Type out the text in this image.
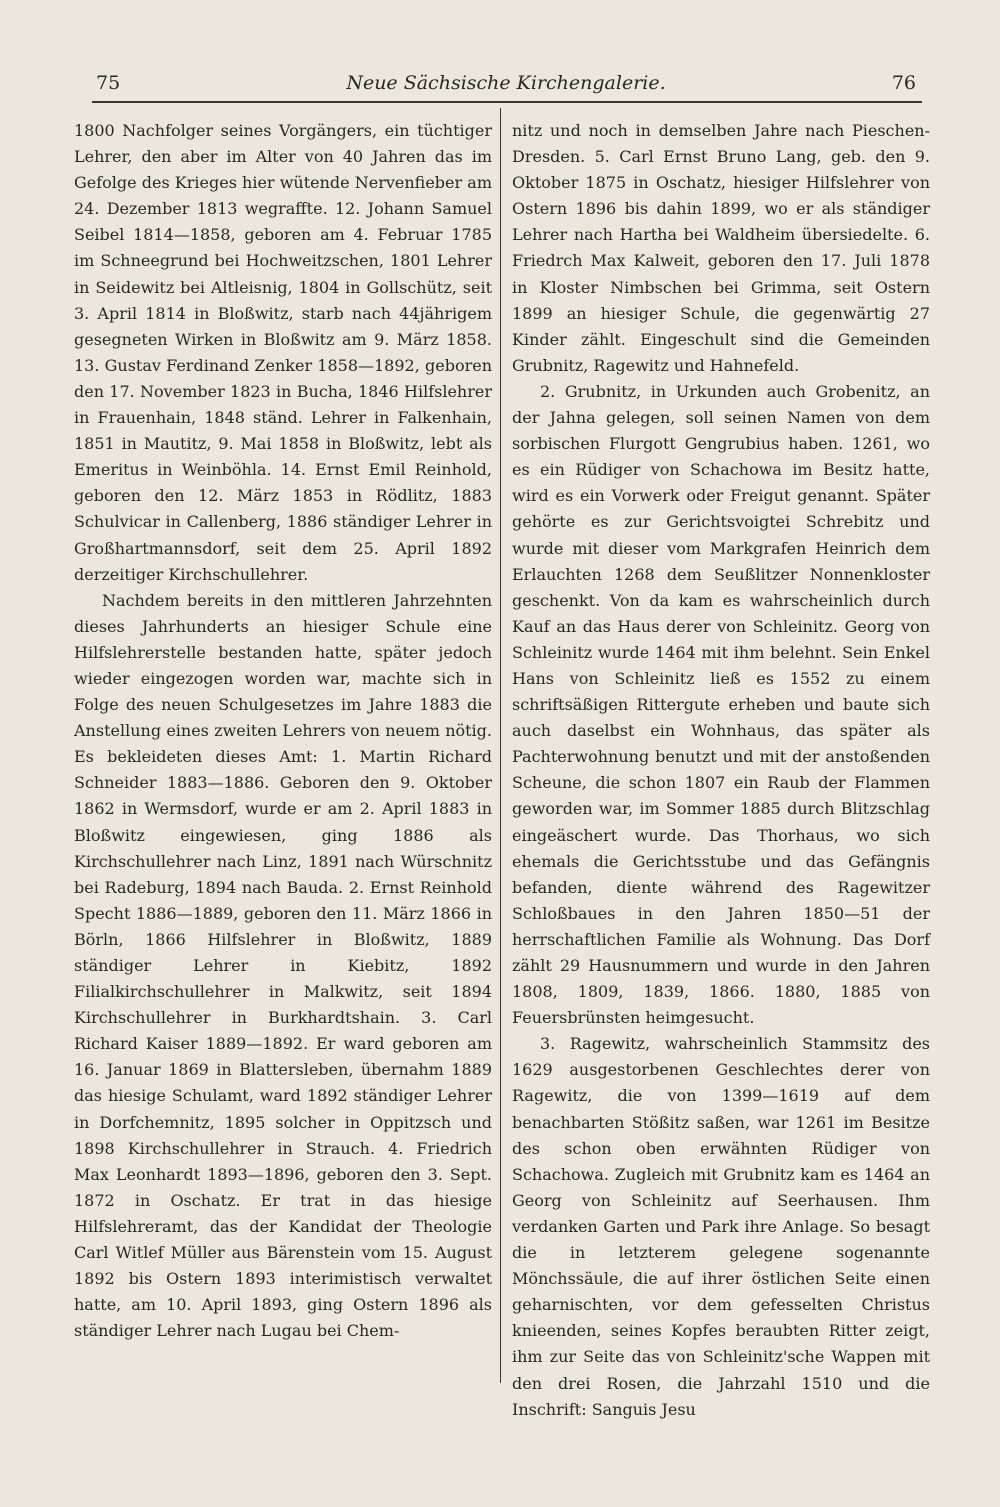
75	Neue Sächsische Kirchengalerie.	76

1800 Nachfolger seines Vorgängers, ein tüchtiger Lehrer, den aber im Alter von 40 Jahren das im Gefolge des Krieges hier wütende Nervenfieber am 24. Dezember 1813 wegraffte. 12. Johann Samuel Seibel 1814—1858, geboren am 4. Februar 1785 im Schneegrund bei Hochweitzschen, 1801 Lehrer in Seidewitz bei Altleisnig, 1804 in Gollschütz, seit 3. April 1814 in Bloßwitz, starb nach 44jährigem gesegneten Wirken in Bloßwitz am 9. März 1858. 13. Gustav Ferdinand Zenker 1858—1892, geboren den 17. November 1823 in Bucha, 1846 Hilfslehrer in Frauenhain, 1848 ständ. Lehrer in Falkenhain, 1851 in Mautitz, 9. Mai 1858 in Bloßwitz, lebt als Emeritus in Weinböhla. 14. Ernst Emil Reinhold, geboren den 12. März 1853 in Rödlitz, 1883 Schulvicar in Callenberg, 1886 ständiger Lehrer in Großhartmannsdorf, seit dem 25. April 1892 derzeitiger Kirchschullehrer.

Nachdem bereits in den mittleren Jahrzehnten dieses Jahrhunderts an hiesiger Schule eine Hilfslehrerstelle bestanden hatte, später jedoch wieder eingezogen worden war, machte sich in Folge des neuen Schulgesetzes im Jahre 1883 die Anstellung eines zweiten Lehrers von neuem nötig. Es bekleideten dieses Amt: 1. Martin Richard Schneider 1883—1886. Geboren den 9. Oktober 1862 in Wermsdorf, wurde er am 2. April 1883 in Bloßwitz eingewiesen, ging 1886 als Kirchschullehrer nach Linz, 1891 nach Würschnitz bei Radeburg, 1894 nach Bauda. 2. Ernst Reinhold Specht 1886—1889, geboren den 11. März 1866 in Börln, 1866 Hilfslehrer in Bloßwitz, 1889 ständiger Lehrer in Kiebitz, 1892 Filialkirchschullehrer in Malkwitz, seit 1894 Kirchschullehrer in Burkhardtshain. 3. Carl Richard Kaiser 1889—1892. Er ward geboren am 16. Januar 1869 in Blattersleben, übernahm 1889 das hiesige Schulamt, ward 1892 ständiger Lehrer in Dorfchemnitz, 1895 solcher in Oppitzsch und 1898 Kirchschullehrer in Strauch. 4. Friedrich Max Leonhardt 1893—1896, geboren den 3. Sept. 1872 in Oschatz. Er trat in das hiesige Hilfslehreramt, das der Kandidat der Theologie Carl Witlef Müller aus Bärenstein vom 15. August 1892 bis Ostern 1893 interimistisch verwaltet hatte, am 10. April 1893, ging Ostern 1896 als ständiger Lehrer nach Lugau bei Chem-

nitz und noch in demselben Jahre nach Pieschen-Dresden. 5. Carl Ernst Bruno Lang, geb. den 9. Oktober 1875 in Oschatz, hiesiger Hilfslehrer von Ostern 1896 bis dahin 1899, wo er als ständiger Lehrer nach Hartha bei Waldheim übersiedelte. 6. Friedrch Max Kalweit, geboren den 17. Juli 1878 in Kloster Nimbschen bei Grimma, seit Ostern 1899 an hiesiger Schule, die gegenwärtig 27 Kinder zählt. Eingeschult sind die Gemeinden Grubnitz, Ragewitz und Hahnefeld.

2. Grubnitz, in Urkunden auch Grobenitz, an der Jahna gelegen, soll seinen Namen von dem sorbischen Flurgott Gengrubius haben. 1261, wo es ein Rüdiger von Schachowa im Besitz hatte, wird es ein Vorwerk oder Freigut genannt. Später gehörte es zur Gerichtsvoigtei Schrebitz und wurde mit dieser vom Markgrafen Heinrich dem Erlauchten 1268 dem Seußlitzer Nonnenkloster geschenkt. Von da kam es wahrscheinlich durch Kauf an das Haus derer von Schleinitz. Georg von Schleinitz wurde 1464 mit ihm belehnt. Sein Enkel Hans von Schleinitz ließ es 1552 zu einem schriftsäßigen Rittergute erheben und baute sich auch daselbst ein Wohnhaus, das später als Pachterwohnung benutzt und mit der anstoßenden Scheune, die schon 1807 ein Raub der Flammen geworden war, im Sommer 1885 durch Blitzschlag eingeäschert wurde. Das Thorhaus, wo sich ehemals die Gerichtsstube und das Gefängnis befanden, diente während des Ragewitzer Schloßbaues in den Jahren 1850—51 der herrschaftlichen Familie als Wohnung. Das Dorf zählt 29 Hausnummern und wurde in den Jahren 1808, 1809, 1839, 1866. 1880, 1885 von Feuersbrünsten heimgesucht.

3. Ragewitz, wahrscheinlich Stammsitz des 1629 ausgestorbenen Geschlechtes derer von Ragewitz, die von 1399—1619 auf dem benachbarten Stößitz saßen, war 1261 im Besitze des schon oben erwähnten Rüdiger von Schachowa. Zugleich mit Grubnitz kam es 1464 an Georg von Schleinitz auf Seerhausen. Ihm verdanken Garten und Park ihre Anlage. So besagt die in letzterem gelegene sogenannte Mönchssäule, die auf ihrer östlichen Seite einen geharnischten, vor dem gefesselten Christus knieenden, seines Kopfes beraubten Ritter zeigt, ihm zur Seite das von Schleinitz'sche Wappen mit den drei Rosen, die Jahrzahl 1510 und die Inschrift: Sanguis Jesu
